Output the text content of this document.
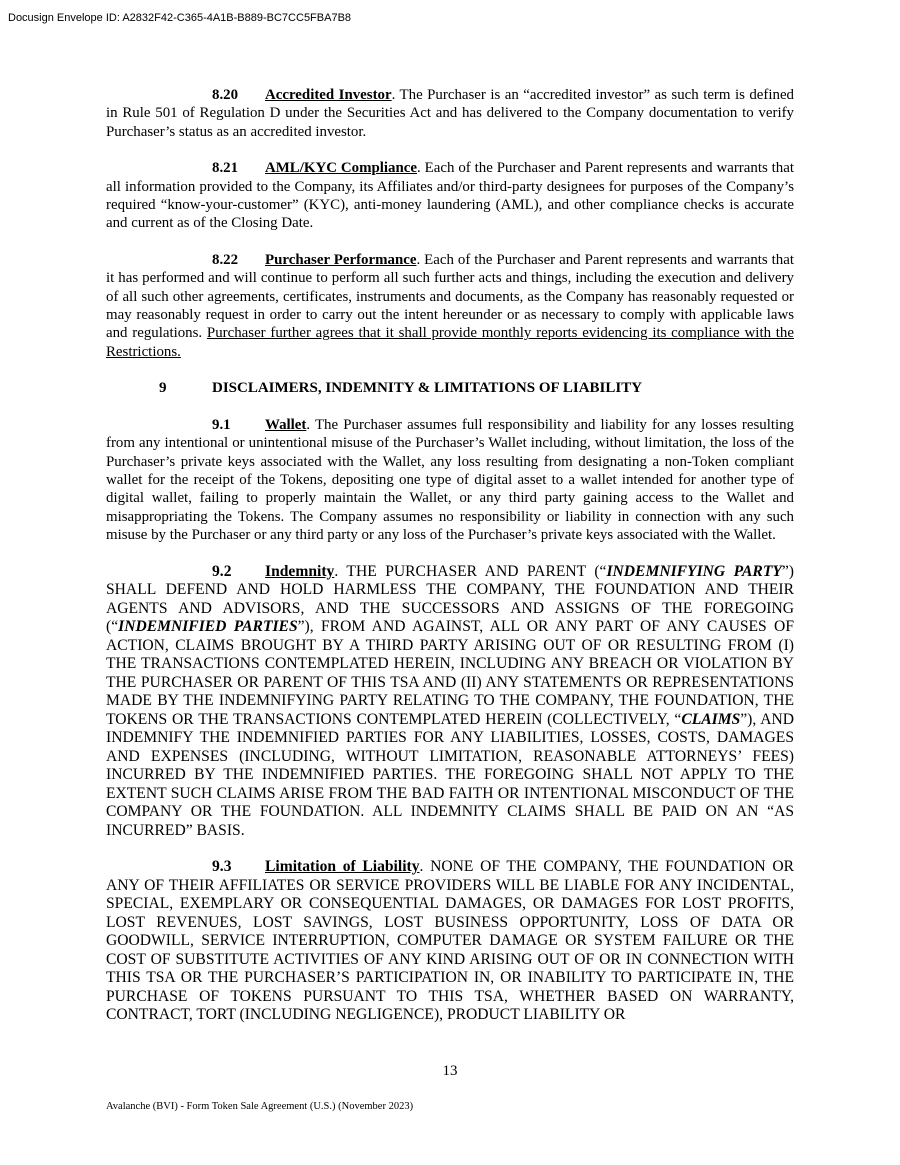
Docusign Envelope ID: A2832F42-C365-4A1B-B889-BC7CC5FBA7B8

8.20 Accredited Investor. The Purchaser is an “accredited investor” as such term is defined in Rule 501 of Regulation D under the Securities Act and has delivered to the Company documentation to verify Purchaser’s status as an accredited investor.

8.21 AML/KYC Compliance. Each of the Purchaser and Parent represents and warrants that all information provided to the Company, its Affiliates and/or third-party designees for purposes of the Company’s required “know-your-customer” (KYC), anti-money laundering (AML), and other compliance checks is accurate and current as of the Closing Date.

8.22 Purchaser Performance. Each of the Purchaser and Parent represents and warrants that it has performed and will continue to perform all such further acts and things, including the execution and delivery of all such other agreements, certificates, instruments and documents, as the Company has reasonably requested or may reasonably request in order to carry out the intent hereunder or as necessary to comply with applicable laws and regulations. Purchaser further agrees that it shall provide monthly reports evidencing its compliance with the Restrictions.

9	DISCLAIMERS, INDEMNITY & LIMITATIONS OF LIABILITY

9.1 Wallet. The Purchaser assumes full responsibility and liability for any losses resulting from any intentional or unintentional misuse of the Purchaser’s Wallet including, without limitation, the loss of the Purchaser’s private keys associated with the Wallet, any loss resulting from designating a non-Token compliant wallet for the receipt of the Tokens, depositing one type of digital asset to a wallet intended for another type of digital wallet, failing to properly maintain the Wallet, or any third party gaining access to the Wallet and misappropriating the Tokens. The Company assumes no responsibility or liability in connection with any such misuse by the Purchaser or any third party or any loss of the Purchaser’s private keys associated with the Wallet.

9.2 Indemnity. THE PURCHASER AND PARENT (“INDEMNIFYING PARTY”) SHALL DEFEND AND HOLD HARMLESS THE COMPANY, THE FOUNDATION AND THEIR AGENTS AND ADVISORS, AND THE SUCCESSORS AND ASSIGNS OF THE FOREGOING (“INDEMNIFIED PARTIES”), FROM AND AGAINST, ALL OR ANY PART OF ANY CAUSES OF ACTION, CLAIMS BROUGHT BY A THIRD PARTY ARISING OUT OF OR RESULTING FROM (I) THE TRANSACTIONS CONTEMPLATED HEREIN, INCLUDING ANY BREACH OR VIOLATION BY THE PURCHASER OR PARENT OF THIS TSA AND (II) ANY STATEMENTS OR REPRESENTATIONS MADE BY THE INDEMNIFYING PARTY RELATING TO THE COMPANY, THE FOUNDATION, THE TOKENS OR THE TRANSACTIONS CONTEMPLATED HEREIN (COLLECTIVELY, “CLAIMS”), AND INDEMNIFY THE INDEMNIFIED PARTIES FOR ANY LIABILITIES, LOSSES, COSTS, DAMAGES AND EXPENSES (INCLUDING, WITHOUT LIMITATION, REASONABLE ATTORNEYS’ FEES) INCURRED BY THE INDEMNIFIED PARTIES. THE FOREGOING SHALL NOT APPLY TO THE EXTENT SUCH CLAIMS ARISE FROM THE BAD FAITH OR INTENTIONAL MISCONDUCT OF THE COMPANY OR THE FOUNDATION. ALL INDEMNITY CLAIMS SHALL BE PAID ON AN “AS INCURRED” BASIS.

9.3 Limitation of Liability. NONE OF THE COMPANY, THE FOUNDATION OR ANY OF THEIR AFFILIATES OR SERVICE PROVIDERS WILL BE LIABLE FOR ANY INCIDENTAL, SPECIAL, EXEMPLARY OR CONSEQUENTIAL DAMAGES, OR DAMAGES FOR LOST PROFITS, LOST REVENUES, LOST SAVINGS, LOST BUSINESS OPPORTUNITY, LOSS OF DATA OR GOODWILL, SERVICE INTERRUPTION, COMPUTER DAMAGE OR SYSTEM FAILURE OR THE COST OF SUBSTITUTE ACTIVITIES OF ANY KIND ARISING OUT OF OR IN CONNECTION WITH THIS TSA OR THE PURCHASER’S PARTICIPATION IN, OR INABILITY TO PARTICIPATE IN, THE PURCHASE OF TOKENS PURSUANT TO THIS TSA, WHETHER BASED ON WARRANTY, CONTRACT, TORT (INCLUDING NEGLIGENCE), PRODUCT LIABILITY OR

13
Avalanche (BVI) - Form Token Sale Agreement (U.S.) (November 2023)
